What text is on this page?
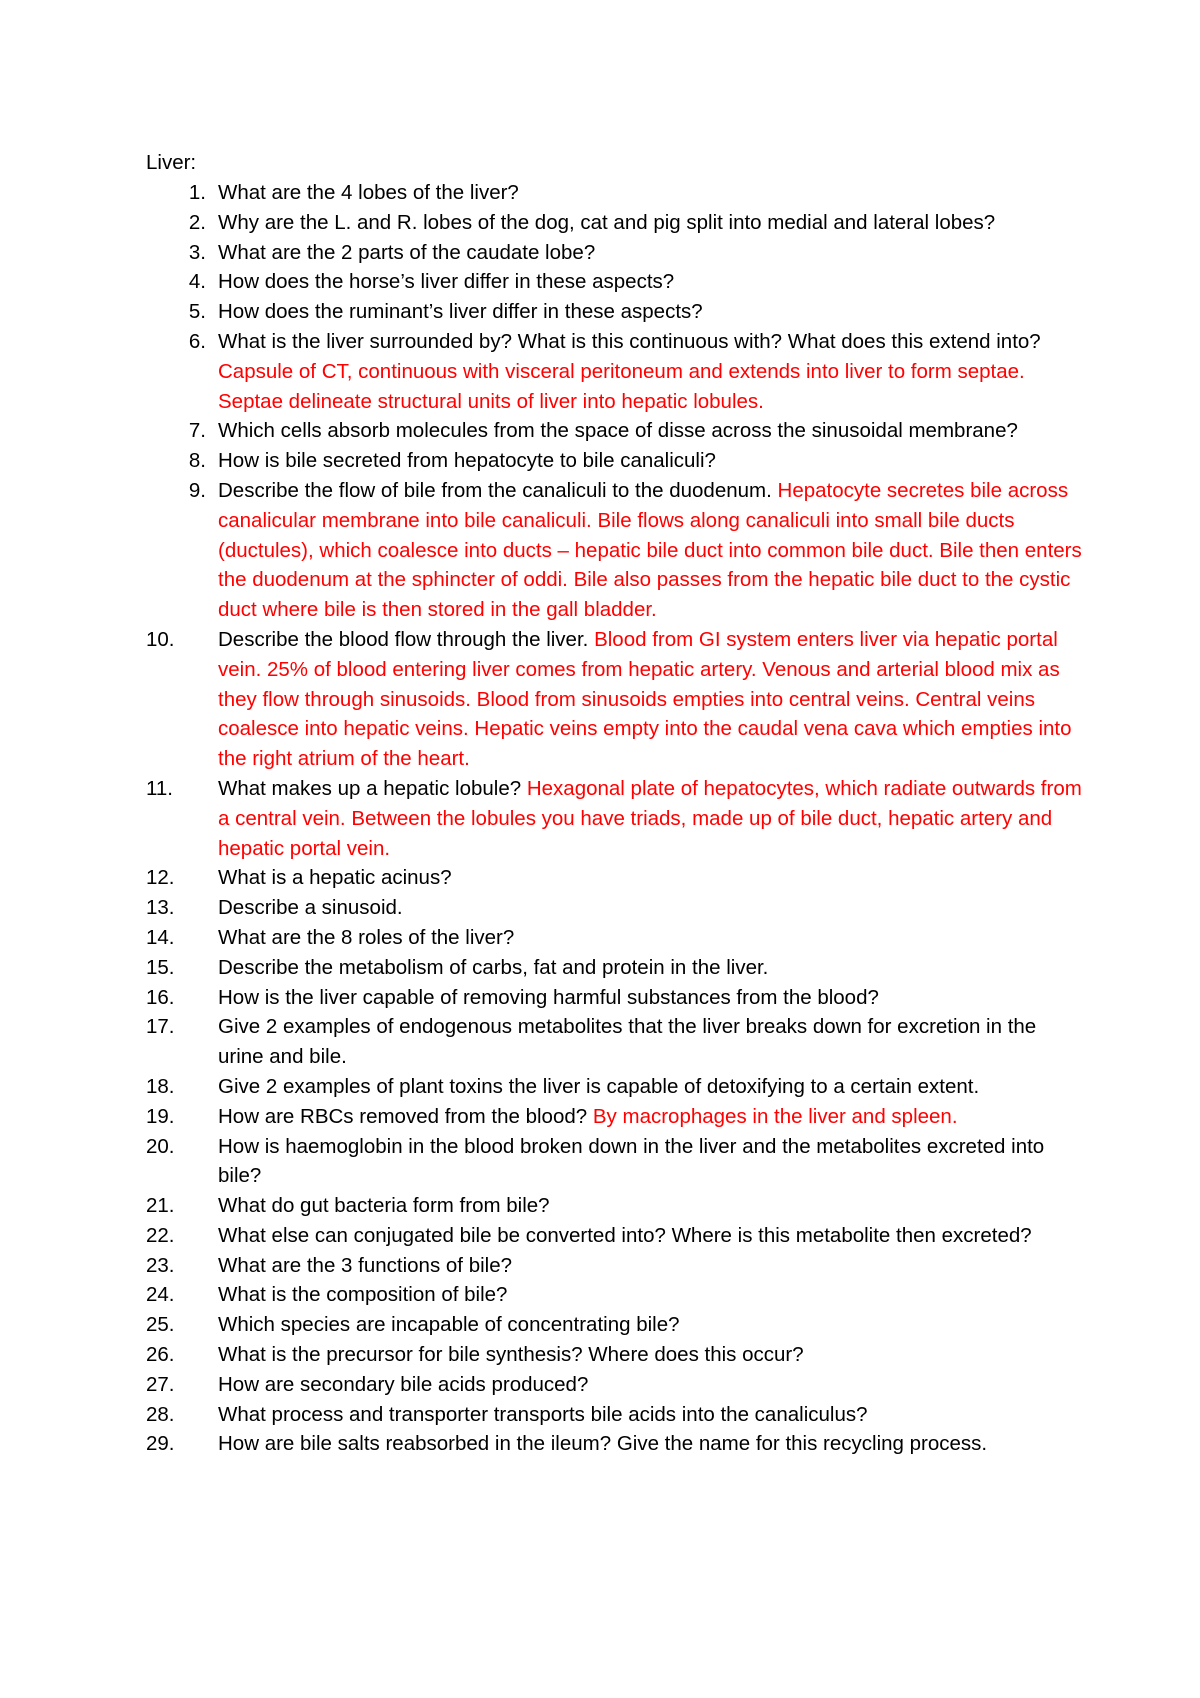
Liver:
1. What are the 4 lobes of the liver?
2. Why are the L. and R. lobes of the dog, cat and pig split into medial and lateral lobes?
3. What are the 2 parts of the caudate lobe?
4. How does the horse’s liver differ in these aspects?
5. How does the ruminant’s liver differ in these aspects?
6. What is the liver surrounded by? What is this continuous with? What does this extend into? Capsule of CT, continuous with visceral peritoneum and extends into liver to form septae. Septae delineate structural units of liver into hepatic lobules.
7. Which cells absorb molecules from the space of disse across the sinusoidal membrane?
8. How is bile secreted from hepatocyte to bile canaliculi?
9. Describe the flow of bile from the canaliculi to the duodenum. Hepatocyte secretes bile across canalicular membrane into bile canaliculi. Bile flows along canaliculi into small bile ducts (ductules), which coalesce into ducts – hepatic bile duct into common bile duct. Bile then enters the duodenum at the sphincter of oddi. Bile also passes from the hepatic bile duct to the cystic duct where bile is then stored in the gall bladder.
10.	Describe the blood flow through the liver. Blood from GI system enters liver via hepatic portal vein. 25% of blood entering liver comes from hepatic artery. Venous and arterial blood mix as they flow through sinusoids. Blood from sinusoids empties into central veins. Central veins coalesce into hepatic veins. Hepatic veins empty into the caudal vena cava which empties into the right atrium of the heart.
11.	What makes up a hepatic lobule? Hexagonal plate of hepatocytes, which radiate outwards from a central vein. Between the lobules you have triads, made up of bile duct, hepatic artery and hepatic portal vein.
12.	What is a hepatic acinus?
13.	Describe a sinusoid.
14.	What are the 8 roles of the liver?
15.	Describe the metabolism of carbs, fat and protein in the liver.
16.	How is the liver capable of removing harmful substances from the blood?
17.	Give 2 examples of endogenous metabolites that the liver breaks down for excretion in the urine and bile.
18.	Give 2 examples of plant toxins the liver is capable of detoxifying to a certain extent.
19.	How are RBCs removed from the blood? By macrophages in the liver and spleen.
20.	How is haemoglobin in the blood broken down in the liver and the metabolites excreted into bile?
21.	What do gut bacteria form from bile?
22.	What else can conjugated bile be converted into? Where is this metabolite then excreted?
23.	What are the 3 functions of bile?
24.	What is the composition of bile?
25.	Which species are incapable of concentrating bile?
26.	What is the precursor for bile synthesis? Where does this occur?
27.	How are secondary bile acids produced?
28.	What process and transporter transports bile acids into the canaliculus?
29.	How are bile salts reabsorbed in the ileum? Give the name for this recycling process.
